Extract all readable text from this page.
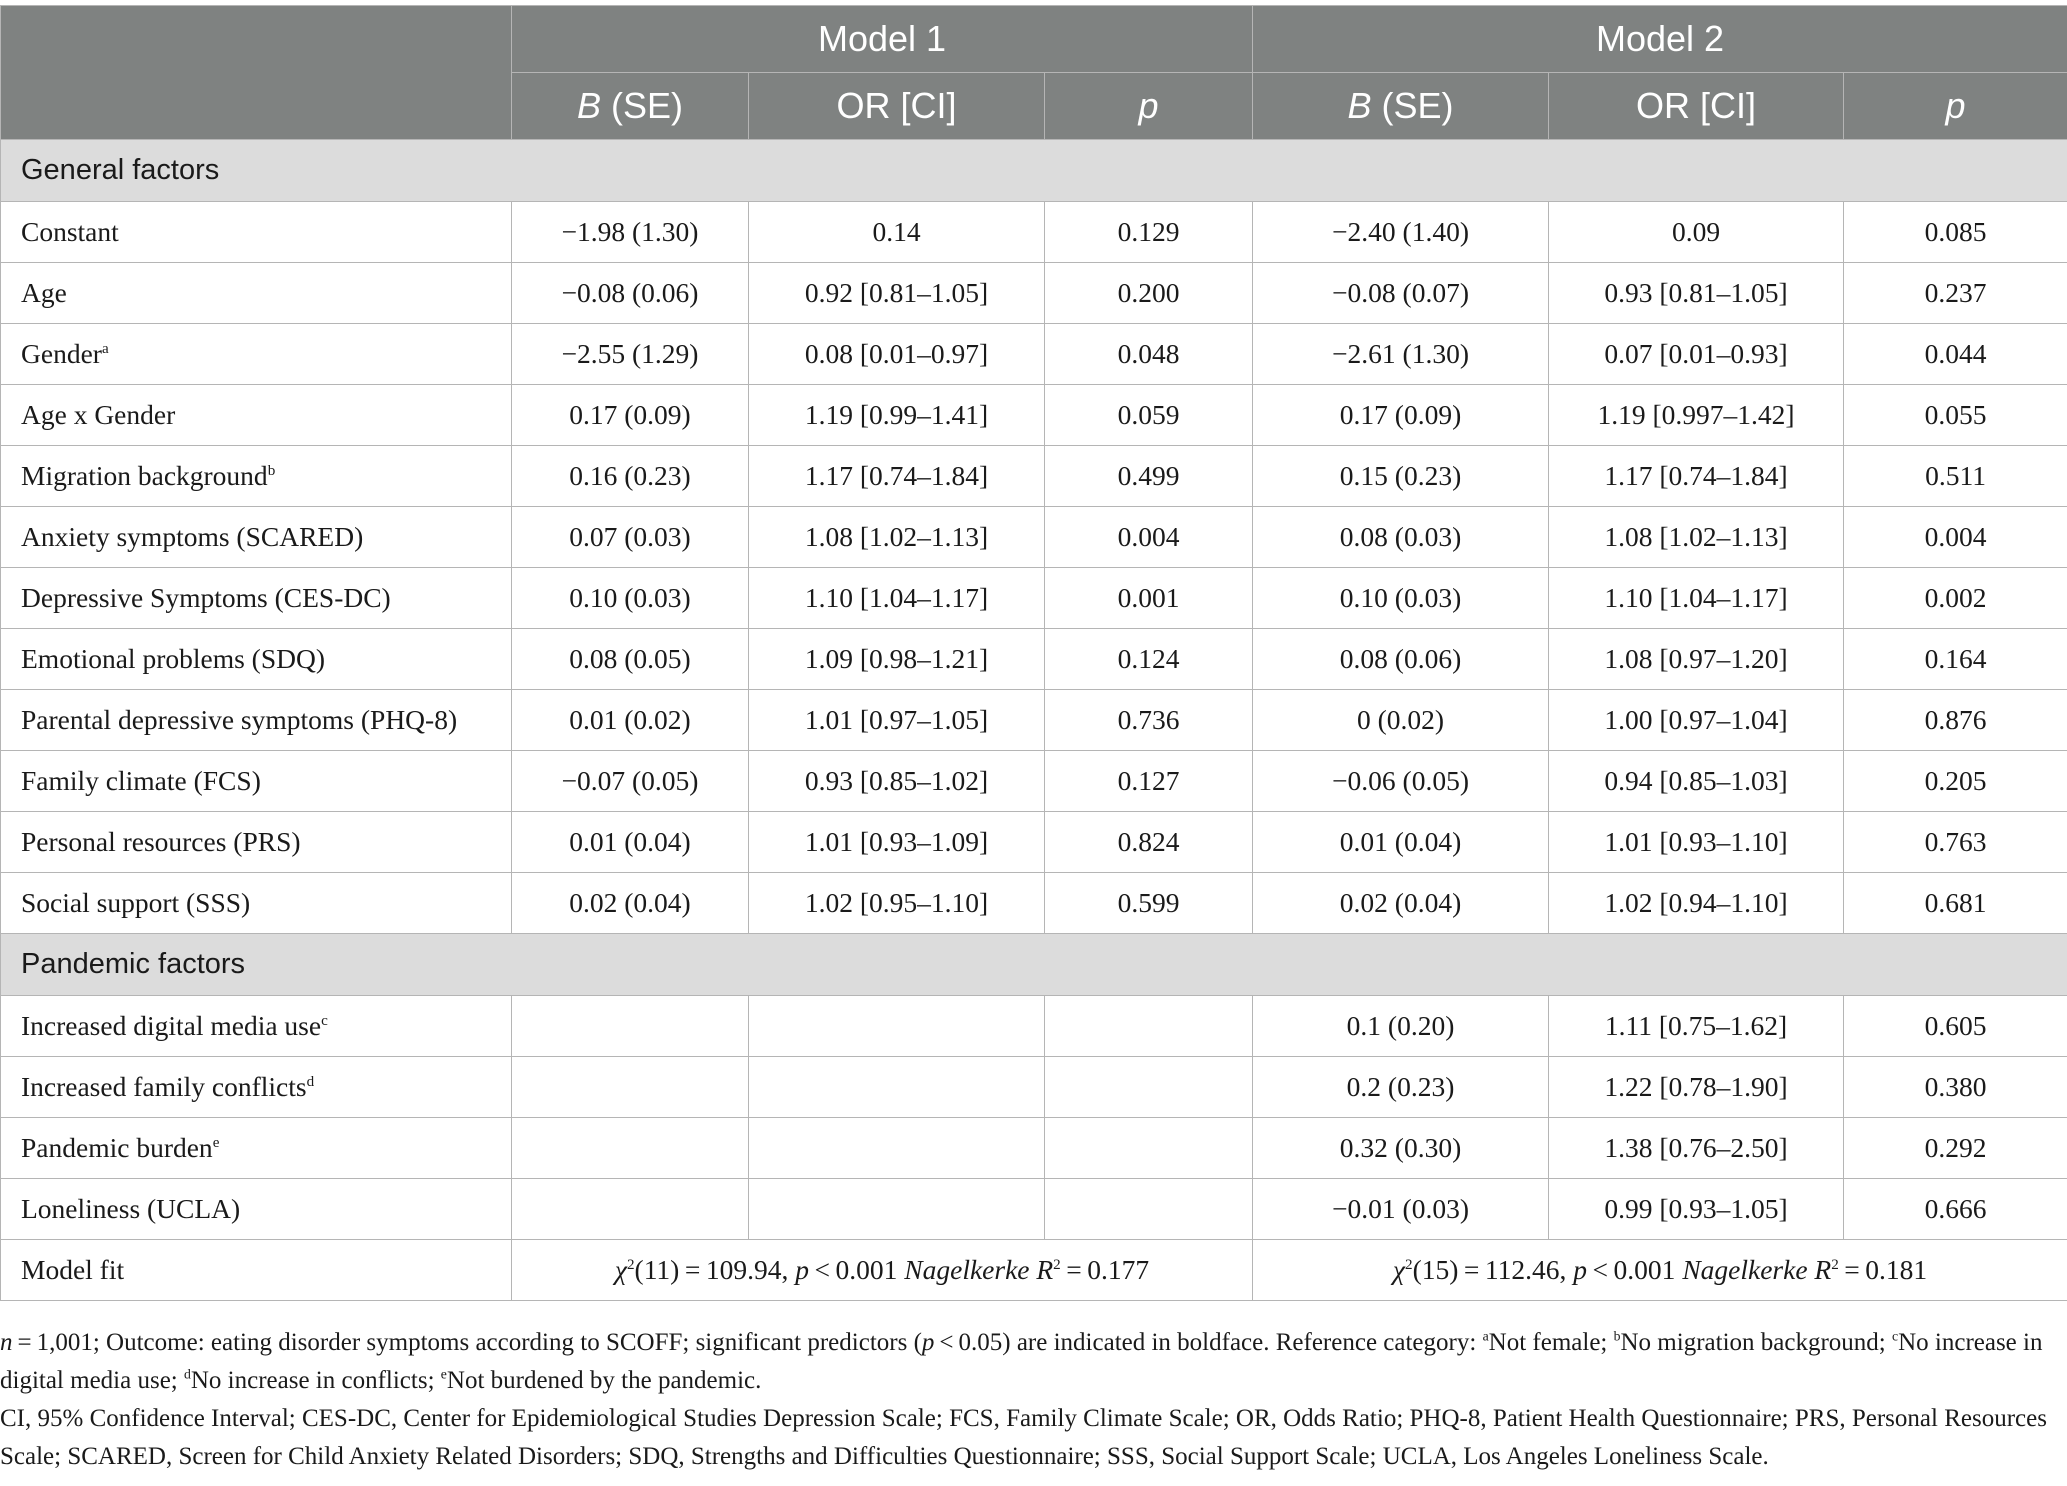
	Model 1			Model 2		
	B (SE)	OR [CI]	p	B (SE)	OR [CI]	p
General factors						
Constant	−1.98 (1.30)	0.14	0.129	−2.40 (1.40)	0.09	0.085
Age	−0.08 (0.06)	0.92 [0.81–1.05]	0.200	−0.08 (0.07)	0.93 [0.81–1.05]	0.237
Gender$^a$	−2.55 (1.29)	0.08 [0.01–0.97]	0.048	−2.61 (1.30)	0.07 [0.01–0.93]	0.044
Age x Gender	0.17 (0.09)	1.19 [0.99–1.41]	0.059	0.17 (0.09)	1.19 [0.997–1.42]	0.055
Migration background$^b$	0.16 (0.23)	1.17 [0.74–1.84]	0.499	0.15 (0.23)	1.17 [0.74–1.84]	0.511
Anxiety symptoms (SCARED)	0.07 (0.03)	1.08 [1.02–1.13]	0.004	0.08 (0.03)	1.08 [1.02–1.13]	0.004
Depressive Symptoms (CES-DC)	0.10 (0.03)	1.10 [1.04–1.17]	0.001	0.10 (0.03)	1.10 [1.04–1.17]	0.002
Emotional problems (SDQ)	0.08 (0.05)	1.09 [0.98–1.21]	0.124	0.08 (0.06)	1.08 [0.97–1.20]	0.164
Parental depressive symptoms (PHQ-8)	0.01 (0.02)	1.01 [0.97–1.05]	0.736	0 (0.02)	1.00 [0.97–1.04]	0.876
Family climate (FCS)	−0.07 (0.05)	0.93 [0.85–1.02]	0.127	−0.06 (0.05)	0.94 [0.85–1.03]	0.205
Personal resources (PRS)	0.01 (0.04)	1.01 [0.93–1.09]	0.824	0.01 (0.04)	1.01 [0.93–1.10]	0.763
Social support (SSS)	0.02 (0.04)	1.02 [0.95–1.10]	0.599	0.02 (0.04)	1.02 [0.94–1.10]	0.681
Pandemic factors						
Increased digital media use$^c$				0.1 (0.20)	1.11 [0.75–1.62]	0.605
Increased family conflicts$^d$				0.2 (0.23)	1.22 [0.78–1.90]	0.380
Pandemic burden$^e$				0.32 (0.30)	1.38 [0.76–2.50]	0.292
Loneliness (UCLA)				−0.01 (0.03)	0.99 [0.93–1.05]	0.666
Model fit	$\chi^2(11) = 109.94$, p < 0.001 Nagelkerke $R^2 = 0.177$			$\chi^2(15) = 112.46$, p < 0.001 Nagelkerke $R^2 = 0.181$		

n = 1,001; Outcome: eating disorder symptoms according to SCOFF; significant predictors (p < 0.05) are indicated in boldface. Reference category: $^a$Not female; $^b$No migration background; $^c$No increase in digital media use; $^d$No increase in conflicts; $^e$Not burdened by the pandemic.

CI, 95% Confidence Interval; CES-DC, Center for Epidemiological Studies Depression Scale; FCS, Family Climate Scale; OR, Odds Ratio; PHQ-8, Patient Health Questionnaire; PRS, Personal Resources Scale; SCARED, Screen for Child Anxiety Related Disorders; SDQ, Strengths and Difficulties Questionnaire; SSS, Social Support Scale; UCLA, Los Angeles Loneliness Scale.
